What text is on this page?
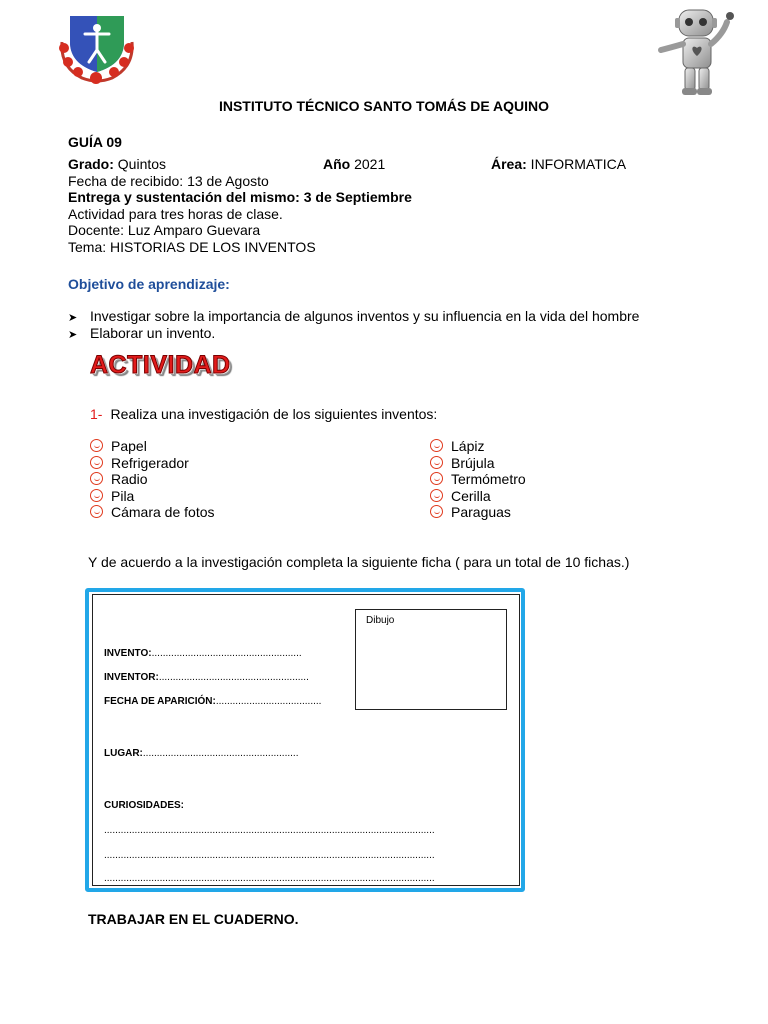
INSTITUTO TÉCNICO SANTO TOMÁS DE AQUINO
GUÍA 09
Grado: Quintos	Año 2021	Área: INFORMATICA
Fecha de recibido: 13 de Agosto
Entrega y sustentación del mismo: 3 de Septiembre
Actividad para tres horas de clase.
Docente: Luz Amparo Guevara
Tema: HISTORIAS DE LOS INVENTOS
Objetivo de aprendizaje:
➤ Investigar sobre la importancia de algunos inventos y su influencia en la vida del hombre
➤ Elaborar un invento.
ACTIVIDAD
1- Realiza una investigación de los siguientes inventos:
Papel
Refrigerador
Radio
Pila
Cámara de fotos
Lápiz
Brújula
Termómetro
Cerilla
Paraguas
Y de acuerdo a la investigación completa la siguiente ficha ( para un total de 10 fichas.)
Dibujo
INVENTO:......................................................
INVENTOR:......................................................
FECHA DE APARICIÓN:......................................
LUGAR:........................................................
CURIOSIDADES:
.......................................................................................................................
.......................................................................................................................
.......................................................................................................................
TRABAJAR EN EL CUADERNO.
